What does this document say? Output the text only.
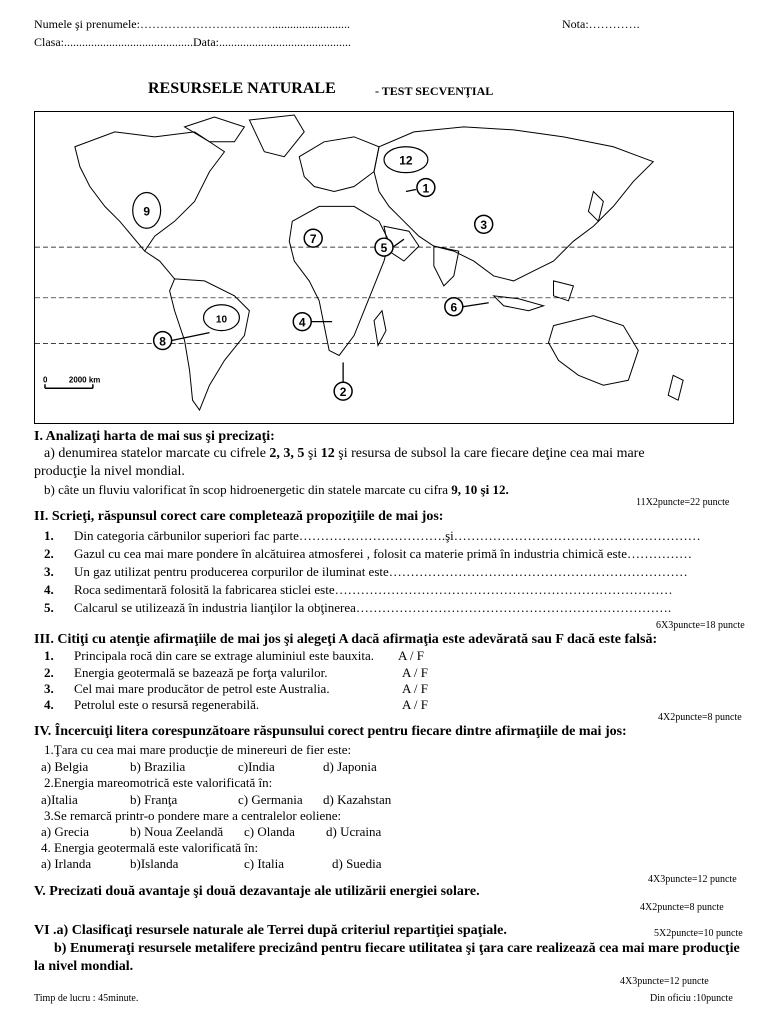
Numele şi prenumele:……………………………..........................	Nota:………….
Clasa:...........................................Data:............................................
RESURSELE NATURALE	- TEST SECVENŢIAL
12
9
10
1
3
7
5
6
4
8
2
0	2000 km
I. Analizaţi harta de mai sus şi precizaţi:
a) denumirea statelor marcate cu cifrele 2, 3, 5 şi 12 şi resursa de subsol la care fiecare deţine cea mai mare
producţie la nivel mondial.
b) câte un fluviu valorificat în scop hidroenergetic din statele marcate cu cifra 9, 10 şi 12.
11X2puncte=22 puncte
II. Scrieţi, răspunsul corect care completează propoziţiile de mai jos:
1. Din categoria cărbunilor superiori fac parte…………………………….şi…………………………………………………
2. Gazul cu cea mai mare pondere în alcătuirea atmosferei , folosit ca materie primă în industria chimică este……………
3. Un gaz utilizat pentru producerea corpurilor de iluminat este……………………………………………………………
4. Roca sedimentară folosită la fabricarea sticlei este……………………………………………………………………
5. Calcarul se utilizează în industria lianţilor la obţinerea……………………………………………………………….
6X3puncte=18 puncte
III. Citiţi cu atenţie afirmaţiile de mai jos şi alegeţi A dacă afirmaţia este adevărată sau F dacă este falsă:
1. Principala rocă din care se extrage aluminiul este bauxita. A / F
2. Energia geotermală se bazează pe forţa valurilor.	A / F
3. Cel mai mare producător de petrol este Australia.	A / F
4. Petrolul este o resursă regenerabilă.	A / F
4X2puncte=8 puncte
IV. Încercuiţi litera corespunzătoare răspunsului corect pentru fiecare dintre afirmaţiile de mai jos:
1.Ţara cu cea mai mare producţie de minereuri de fier este:
a) Belgia	b) Brazilia	c)India	d) Japonia
2.Energia mareomotrică este valorificată în:
a)Italia	b) Franţa	c) Germania d) Kazahstan
3.Se remarcă printr-o pondere mare a centralelor eoliene:
a) Grecia	b) Noua Zeelandă c) Olanda d) Ucraina
4. Energia geotermală este valorificată în:
a) Irlanda	b)Islanda	c) Italia	d) Suedia
4X3puncte=12 puncte
V. Precizati două avantaje şi două dezavantaje ale utilizării energiei solare.
4X2puncte=8 puncte
VI .a) Clasificaţi resursele naturale ale Terrei după criteriul repartiţiei spaţiale.	5X2puncte=10 puncte
b) Enumeraţi resursele metalifere precizând pentru fiecare utilitatea şi ţara care realizează cea mai mare producţie
la nivel mondial.
4X3puncte=12 puncte
Timp de lucru : 45minute.	Din oficiu :10puncte
